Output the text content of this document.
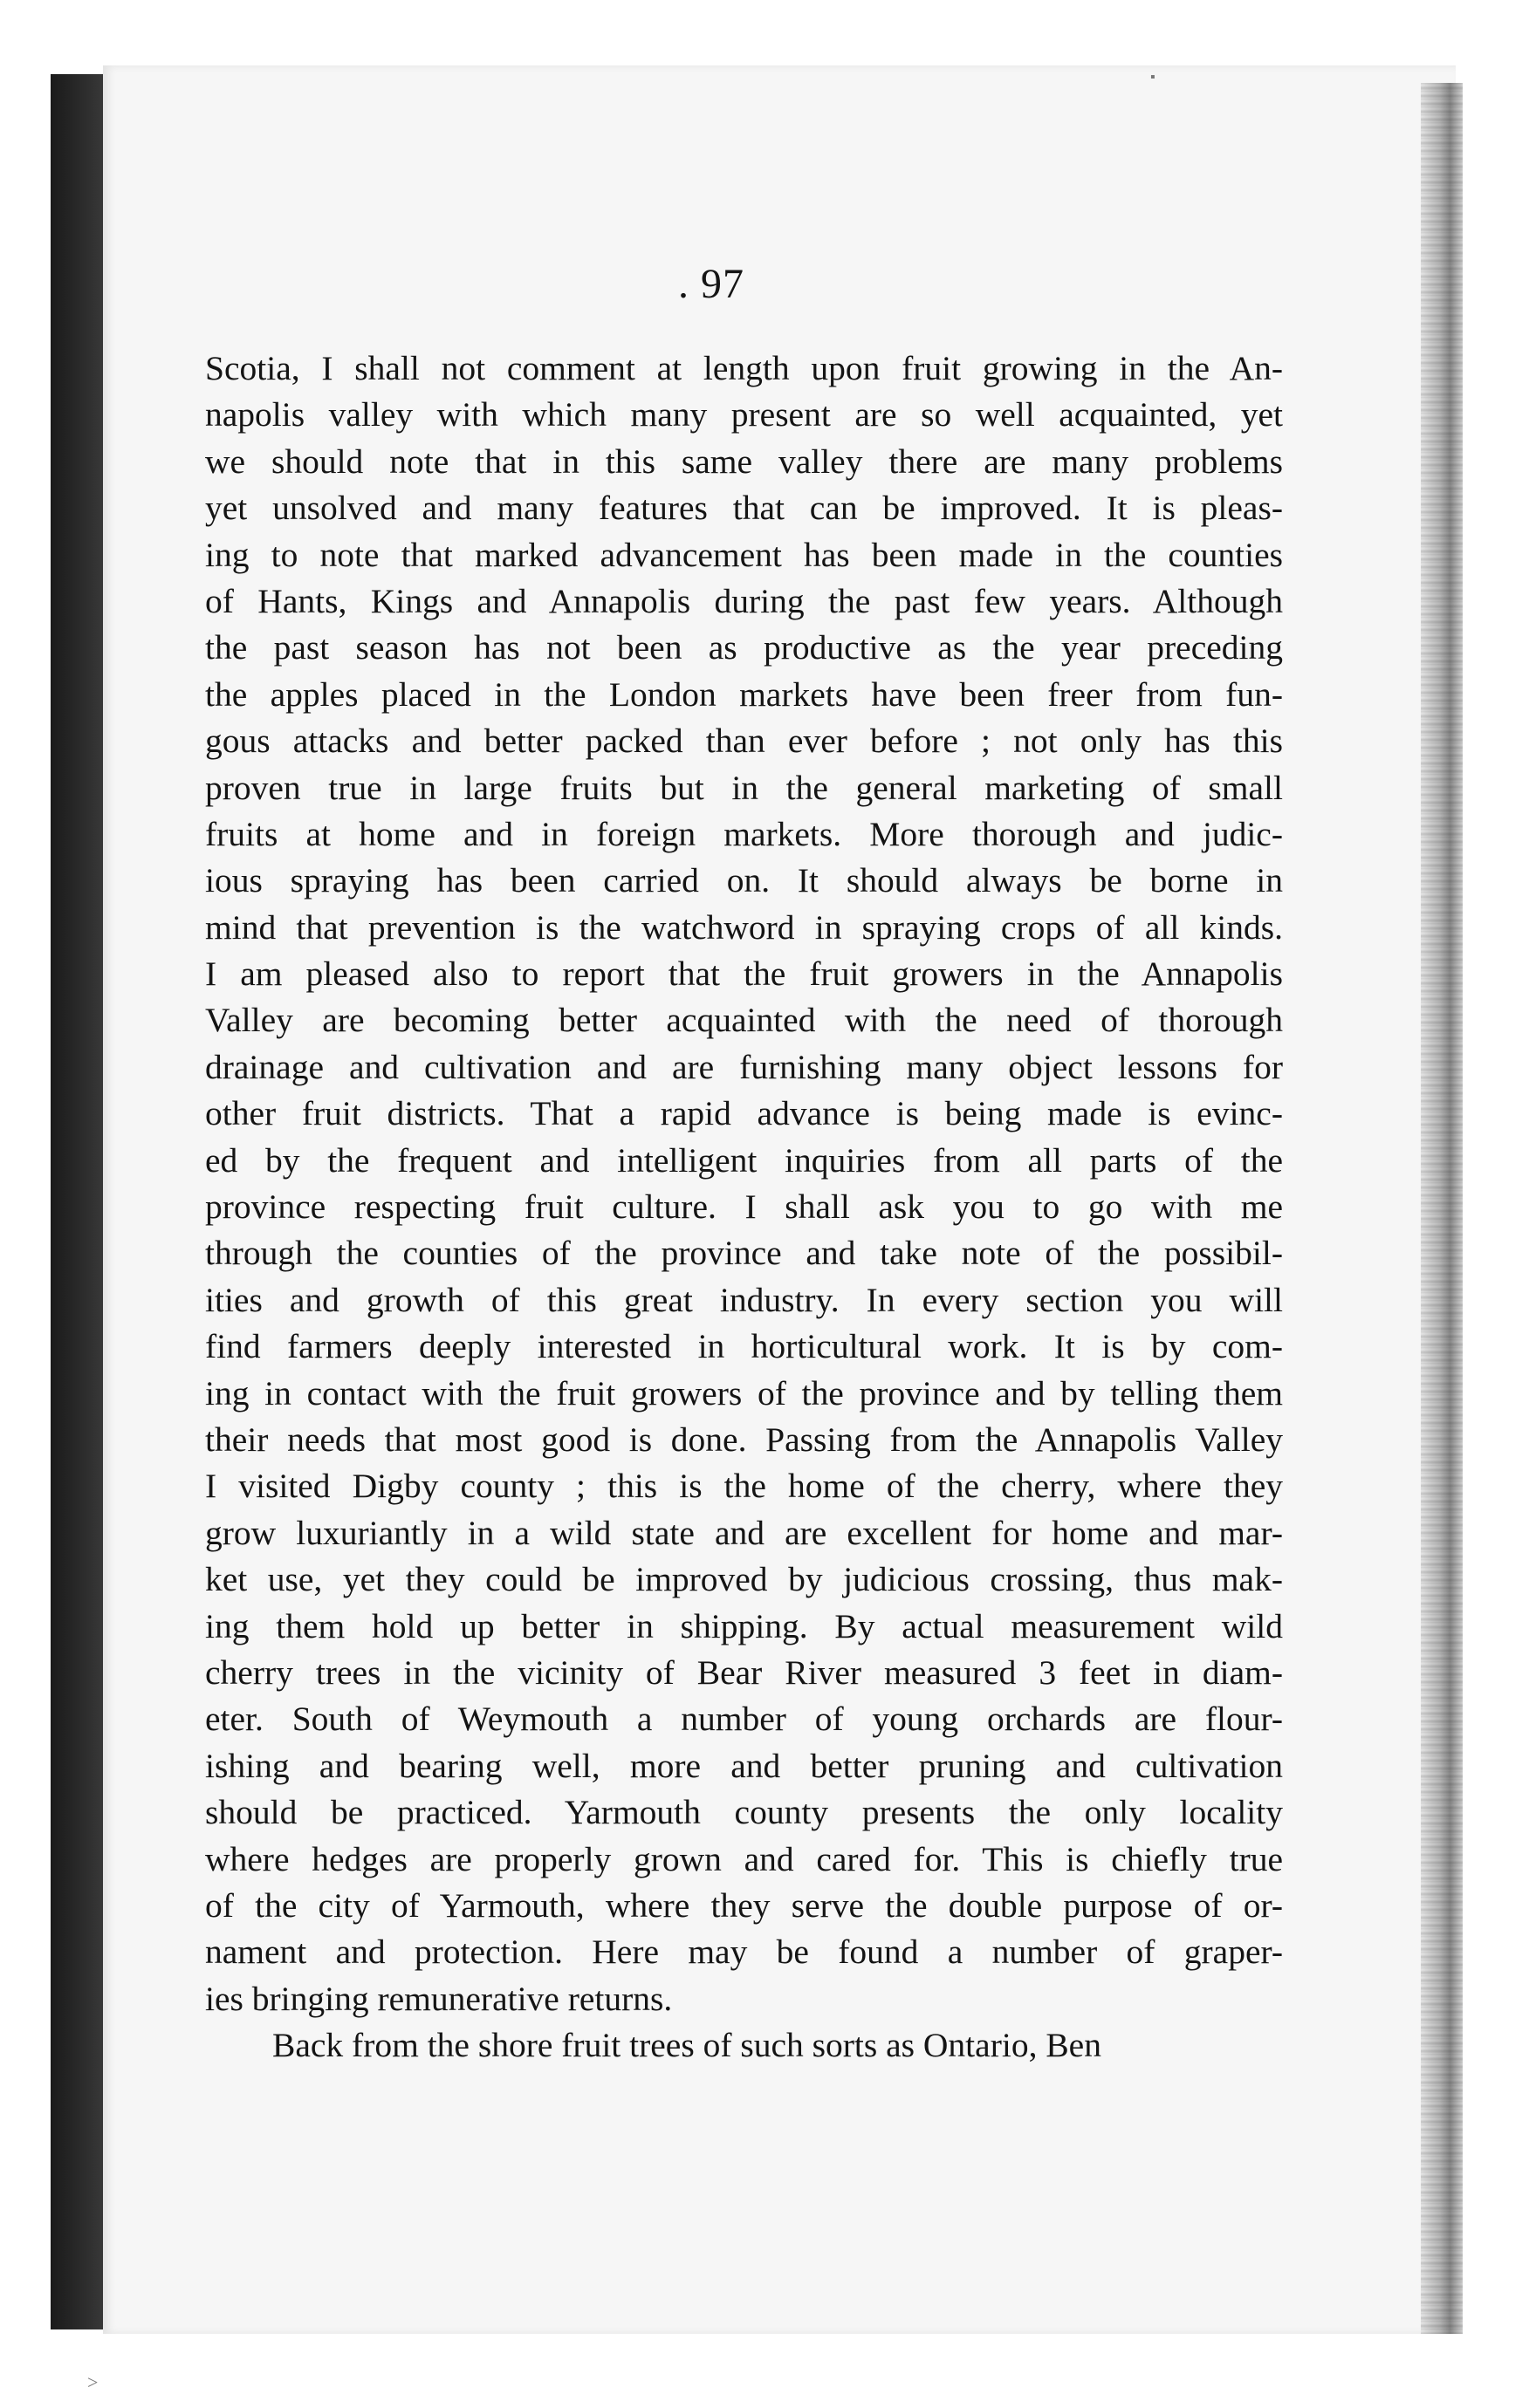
. 97
Scotia, I shall not comment at length upon fruit growing in the An-
napolis valley with which many present are so well acquainted, yet
we should note that in this same valley there are many problems
yet unsolved and many features that can be improved. It is pleas-
ing to note that marked advancement has been made in the counties
of Hants, Kings and Annapolis during the past few years. Although
the past season has not been as productive as the year preceding
the apples placed in the London markets have been freer from fun-
gous attacks and better packed than ever before ; not only has this
proven true in large fruits but in the general marketing of small
fruits at home and in foreign markets. More thorough and judic-
ious spraying has been carried on. It should always be borne in
mind that prevention is the watchword in spraying crops of all kinds.
I am pleased also to report that the fruit growers in the Annapolis
Valley are becoming better acquainted with the need of thorough
drainage and cultivation and are furnishing many object lessons for
other fruit districts. That a rapid advance is being made is evinc-
ed by the frequent and intelligent inquiries from all parts of the
province respecting fruit culture. I shall ask you to go with me
through the counties of the province and take note of the possibil-
ities and growth of this great industry. In every section you will
find farmers deeply interested in horticultural work. It is by com-
ing in contact with the fruit growers of the province and by telling them
their needs that most good is done. Passing from the Annapolis Valley
I visited Digby county ; this is the home of the cherry, where they
grow luxuriantly in a wild state and are excellent for home and mar-
ket use, yet they could be improved by judicious crossing, thus mak-
ing them hold up better in shipping. By actual measurement wild
cherry trees in the vicinity of Bear River measured 3 feet in diam-
eter. South of Weymouth a number of young orchards are flour-
ishing and bearing well, more and better pruning and cultivation
should be practiced. Yarmouth county presents the only locality
where hedges are properly grown and cared for. This is chiefly true
of the city of Yarmouth, where they serve the double purpose of or-
nament and protection. Here may be found a number of graper-
ies bringing remunerative returns.
Back from the shore fruit trees of such sorts as Ontario, Ben
▪
˃
